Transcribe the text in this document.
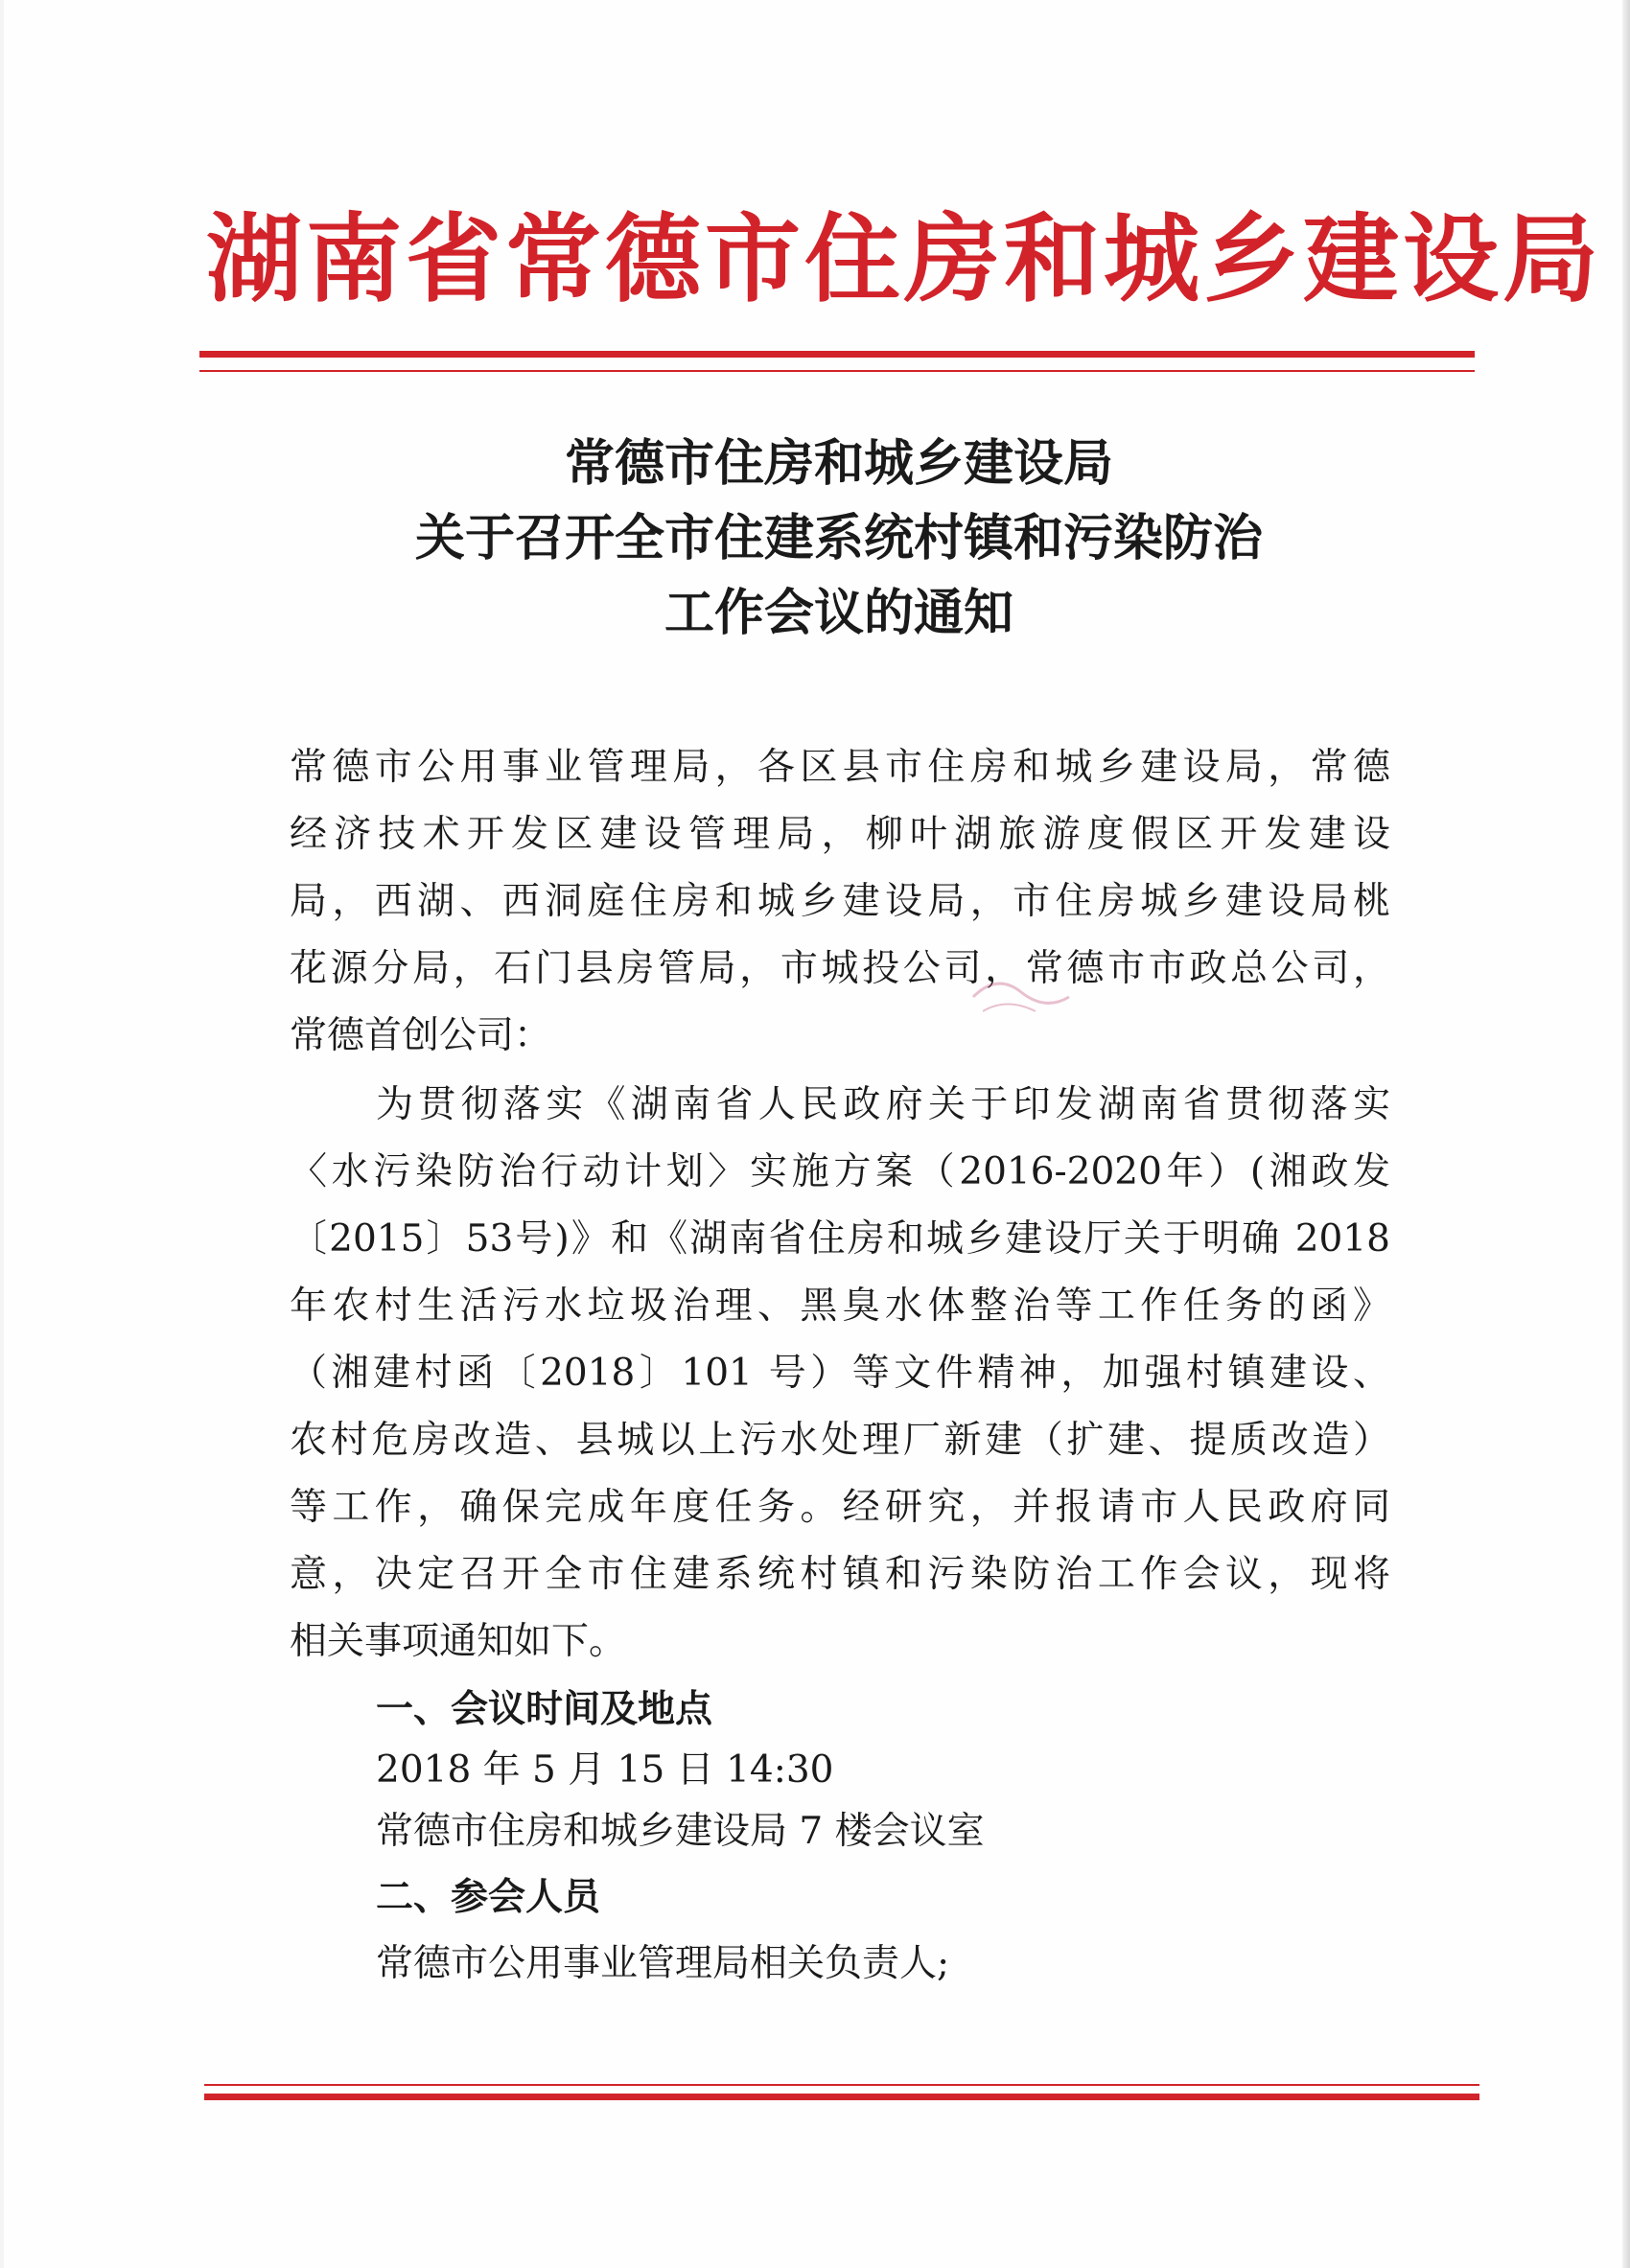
湖南省常德市住房和城乡建设局
常德市住房和城乡建设局
关于召开全市住建系统村镇和污染防治
工作会议的通知
常德市公用事业管理局，各区县市住房和城乡建设局，常德
经济技术开发区建设管理局，柳叶湖旅游度假区开发建设
局，西湖、西洞庭住房和城乡建设局，市住房城乡建设局桃
花源分局，石门县房管局，市城投公司，常德市市政总公司，
常德首创公司：
为贯彻落实《湖南省人民政府关于印发湖南省贯彻落实
〈水污染防治行动计划〉实施方案（2016-2020年）(湘政发
〔2015〕53号)》和《湖南省住房和城乡建设厅关于明确 2018
年农村生活污水垃圾治理、黑臭水体整治等工作任务的函》
（湘建村函〔2018〕101 号）等文件精神，加强村镇建设、
农村危房改造、县城以上污水处理厂新建（扩建、提质改造）
等工作，确保完成年度任务。经研究，并报请市人民政府同
意，决定召开全市住建系统村镇和污染防治工作会议，现将
相关事项通知如下。
一、会议时间及地点
2018 年 5 月 15 日 14:30
常德市住房和城乡建设局 7 楼会议室
二、参会人员
常德市公用事业管理局相关负责人;
